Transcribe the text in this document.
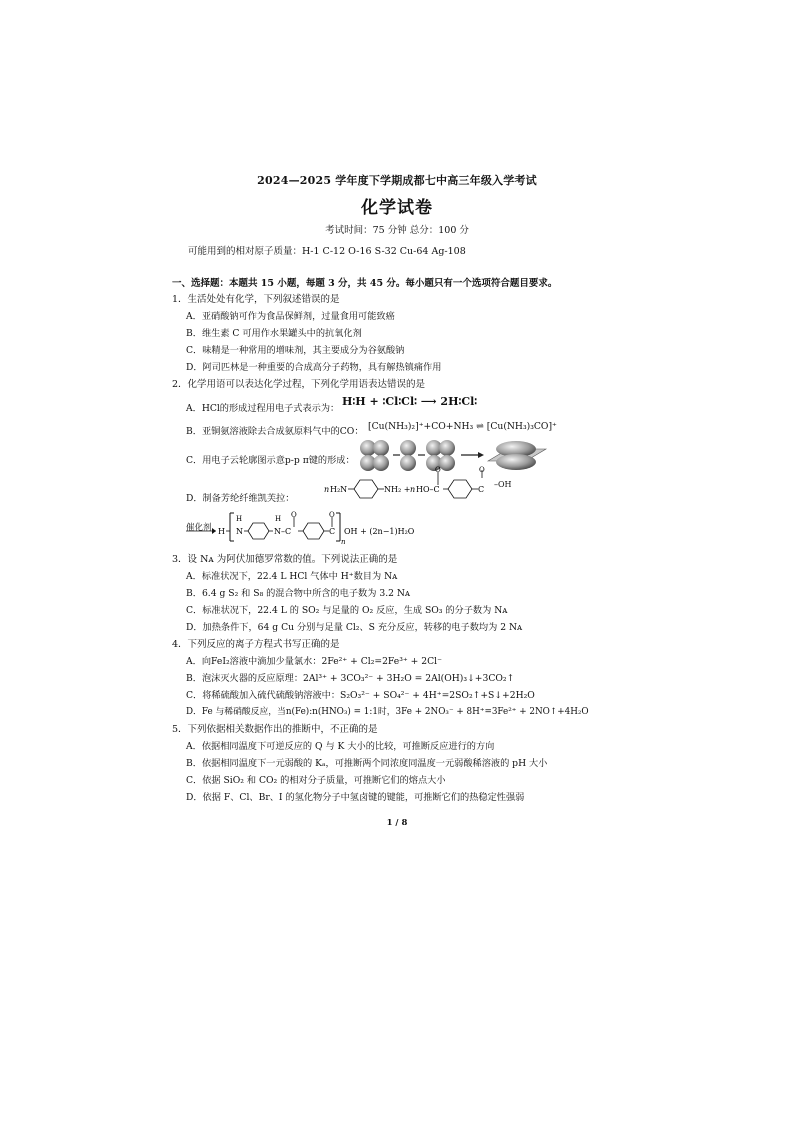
2024—2025 学年度下学期成都七中高三年级入学考试
化学试卷
考试时间：75 分钟 总分：100 分
可能用到的相对原子质量：H-1 C-12 O-16 S-32 Cu-64 Ag-108
一、选择题：本题共 15 小题，每题 3 分，共 45 分。每小题只有一个选项符合题目要求。
1．生活处处有化学，下列叙述错误的是
A．亚硝酸钠可作为食品保鲜剂，过量食用可能致癌
B．维生素 C 可用作水果罐头中的抗氧化剂
C．味精是一种常用的增味剂，其主要成分为谷氨酸钠
D．阿司匹林是一种重要的合成高分子药物，具有解热镇痛作用
2．化学用语可以表达化学过程，下列化学用语表达错误的是
A．HCl的形成过程用电子式表示为：
H∶H + ∶Cl∶Cl∶ ⟶ 2H∶Cl∶
B．亚铜氨溶液除去合成氨原料气中的CO： [Cu(NH₃)₂]⁺+CO+NH₃ ⇌ [Cu(NH₃)₃CO]⁺
C．用电子云轮廓图示意p-p π键的形成：
D．制备芳纶纤维凯芙拉：
n H₂N	NH₂ + n HO–C
O
C
–OH
O
催化剂 H N
H
N–C
H O
C
O
n
OH + (2n−1)H₂O
3．设 Nᴀ 为阿伏加德罗常数的值。下列说法正确的是
A．标准状况下，22.4 L HCl 气体中 H⁺数目为 Nᴀ
B．6.4 g S₂ 和 S₈ 的混合物中所含的电子数为 3.2 Nᴀ
C．标准状况下，22.4 L 的 SO₂ 与足量的 O₂ 反应，生成 SO₃ 的分子数为 Nᴀ
D．加热条件下，64 g Cu 分别与足量 Cl₂、S 充分反应，转移的电子数均为 2 Nᴀ
4．下列反应的离子方程式书写正确的是
A．向FeI₂溶液中滴加少量氯水：2Fe²⁺ + Cl₂=2Fe³⁺ + 2Cl⁻
B．泡沫灭火器的反应原理：2Al³⁺ + 3CO₃²⁻ + 3H₂O = 2Al(OH)₃↓+3CO₂↑
C．将稀硫酸加入硫代硫酸钠溶液中：S₂O₃²⁻ + SO₄²⁻ + 4H⁺=2SO₂↑+S↓+2H₂O
D．Fe 与稀硝酸反应，当n(Fe):n(HNO₃) = 1:1时，3Fe + 2NO₃⁻ + 8H⁺=3Fe²⁺ + 2NO↑+4H₂O
5．下列依据相关数据作出的推断中，不正确的是
A．依据相同温度下可逆反应的 Q 与 K 大小的比较，可推断反应进行的方向
B．依据相同温度下一元弱酸的 Kₐ，可推断两个同浓度同温度一元弱酸稀溶液的 pH 大小
C．依据 SiO₂ 和 CO₂ 的相对分子质量，可推断它们的熔点大小
D．依据 F、Cl、Br、I 的氢化物分子中氢卤键的键能，可推断它们的热稳定性强弱
1 / 8
